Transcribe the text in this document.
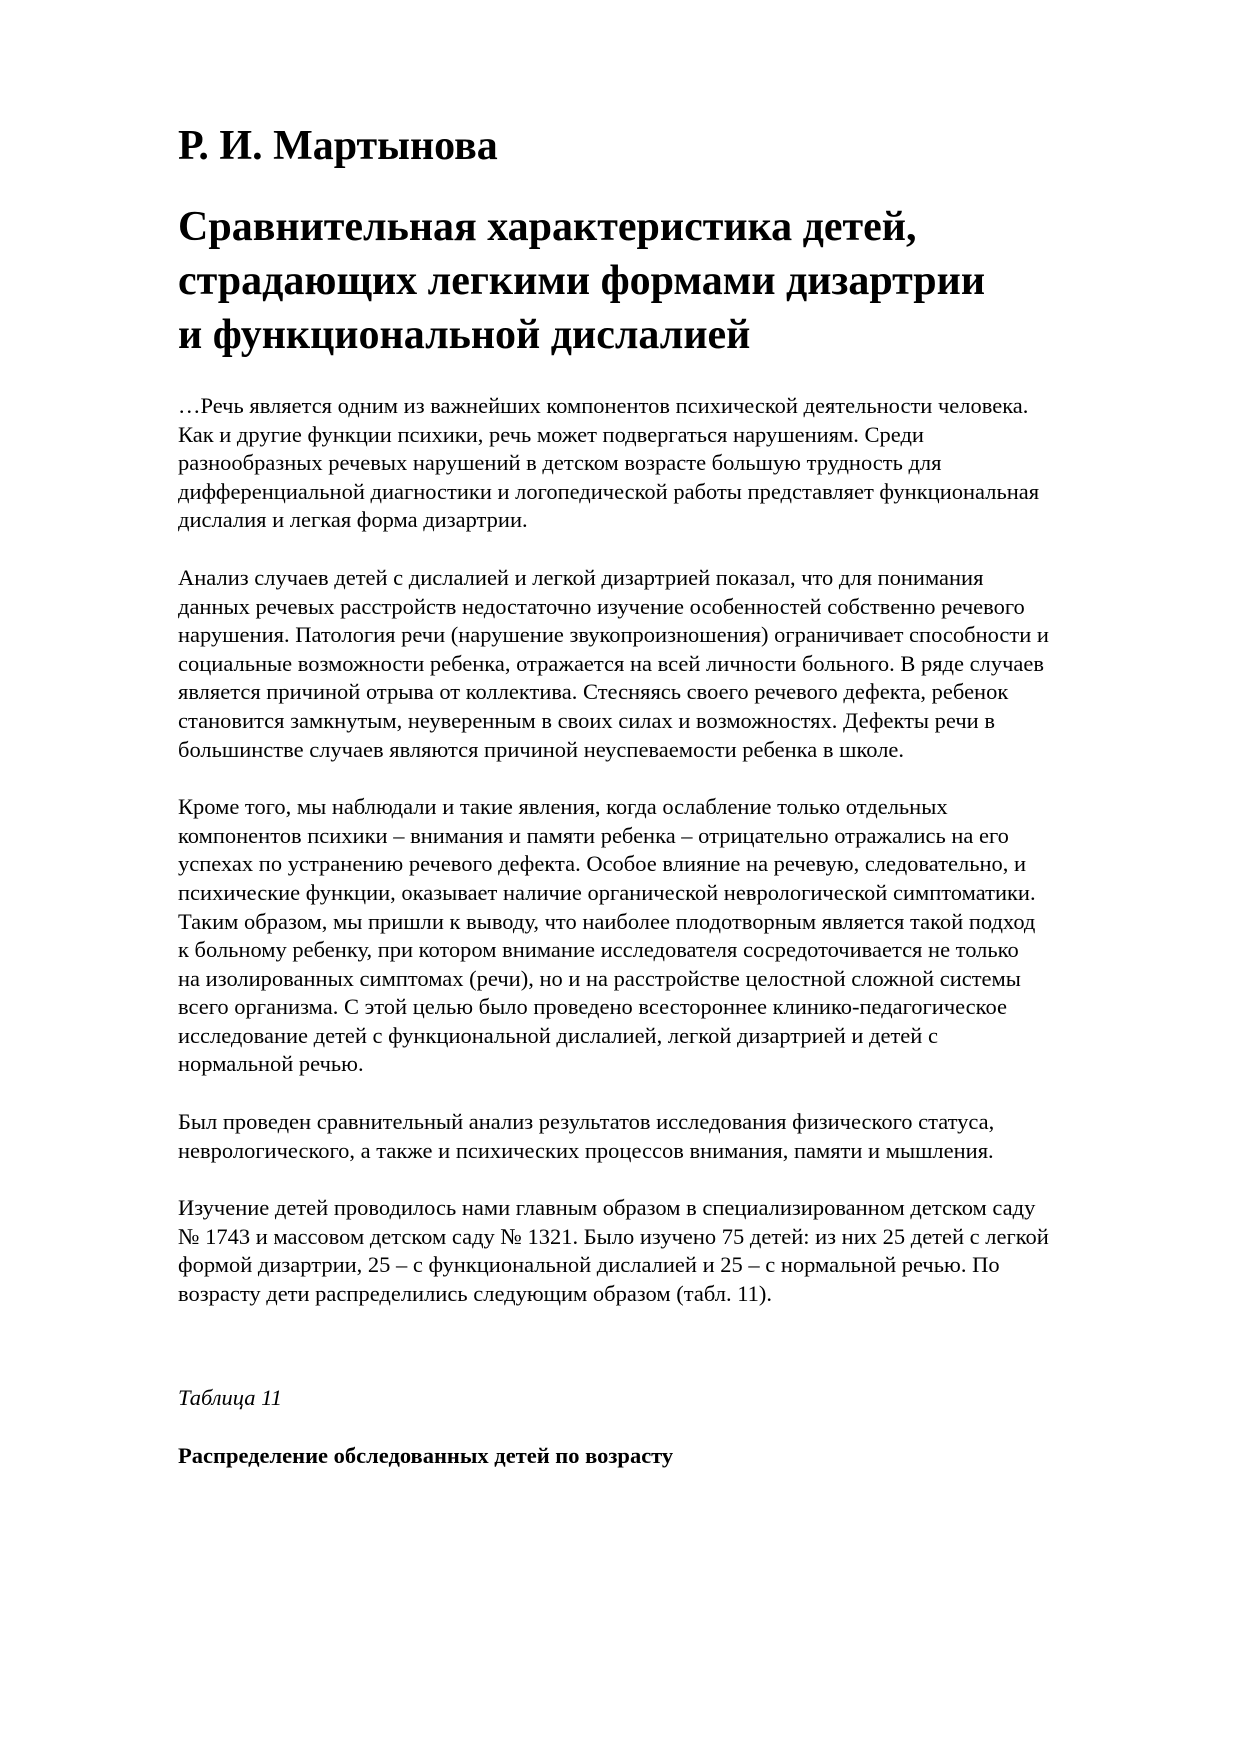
Р. И. Мартынова
Сравнительная характеристика детей,
страдающих легкими формами дизартрии
и функциональной дислалией

…Речь является одним из важнейших компонентов психической деятельности человека.
Как и другие функции психики, речь может подвергаться нарушениям. Среди
разнообразных речевых нарушений в детском возрасте большую трудность для
дифференциальной диагностики и логопедической работы представляет функциональная
дислалия и легкая форма дизартрии.

Анализ случаев детей с дислалией и легкой дизартрией показал, что для понимания
данных речевых расстройств недостаточно изучение особенностей собственно речевого
нарушения. Патология речи (нарушение звукопроизношения) ограничивает способности и
социальные возможности ребенка, отражается на всей личности больного. В ряде случаев
является причиной отрыва от коллектива. Стесняясь своего речевого дефекта, ребенок
становится замкнутым, неуверенным в своих силах и возможностях. Дефекты речи в
большинстве случаев являются причиной неуспеваемости ребенка в школе.

Кроме того, мы наблюдали и такие явления, когда ослабление только отдельных
компонентов психики – внимания и памяти ребенка – отрицательно отражались на его
успехах по устранению речевого дефекта. Особое влияние на речевую, следовательно, и
психические функции, оказывает наличие органической неврологической симптоматики.
Таким образом, мы пришли к выводу, что наиболее плодотворным является такой подход
к больному ребенку, при котором внимание исследователя сосредоточивается не только
на изолированных симптомах (речи), но и на расстройстве целостной сложной системы
всего организма. С этой целью было проведено всестороннее клинико-педагогическое
исследование детей с функциональной дислалией, легкой дизартрией и детей с
нормальной речью.

Был проведен сравнительный анализ результатов исследования физического статуса,
неврологического, а также и психических процессов внимания, памяти и мышления.

Изучение детей проводилось нами главным образом в специализированном детском саду
№ 1743 и массовом детском саду № 1321. Было изучено 75 детей: из них 25 детей с легкой
формой дизартрии, 25 – с функциональной дислалией и 25 – с нормальной речью. По
возрасту дети распределились следующим образом (табл. 11).

Таблица 11

Распределение обследованных детей по возрасту
